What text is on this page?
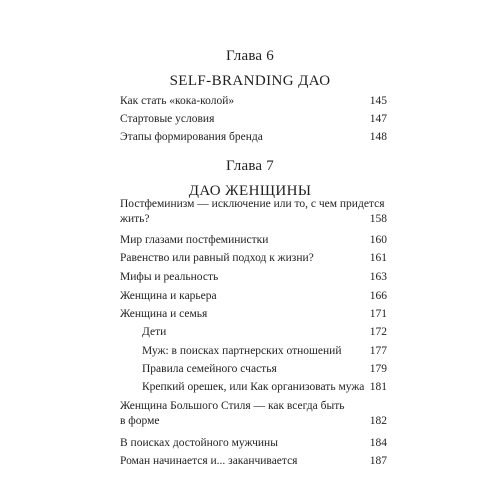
Глава 6
SELF-BRANDING ДАО
Как стать «кока-колой»	145
Стартовые условия	147
Этапы формирования бренда	148
Глава 7
ДАО ЖЕНЩИНЫ
Постфеминизм — исключение или то, с чем придется
жить?	158
Мир глазами постфеминистки	160
Равенство или равный подход к жизни?	161
Мифы и реальность	163
Женщина и карьера	166
Женщина и семья	171
Дети	172
Муж: в поисках партнерских отношений 177
Правила семейного счастья	179
Крепкий орешек, или Как организовать мужа 181
Женщина Большого Стиля — как всегда быть
в форме	182
В поисках достойного мужчины	184
Роман начинается и... заканчивается	187
